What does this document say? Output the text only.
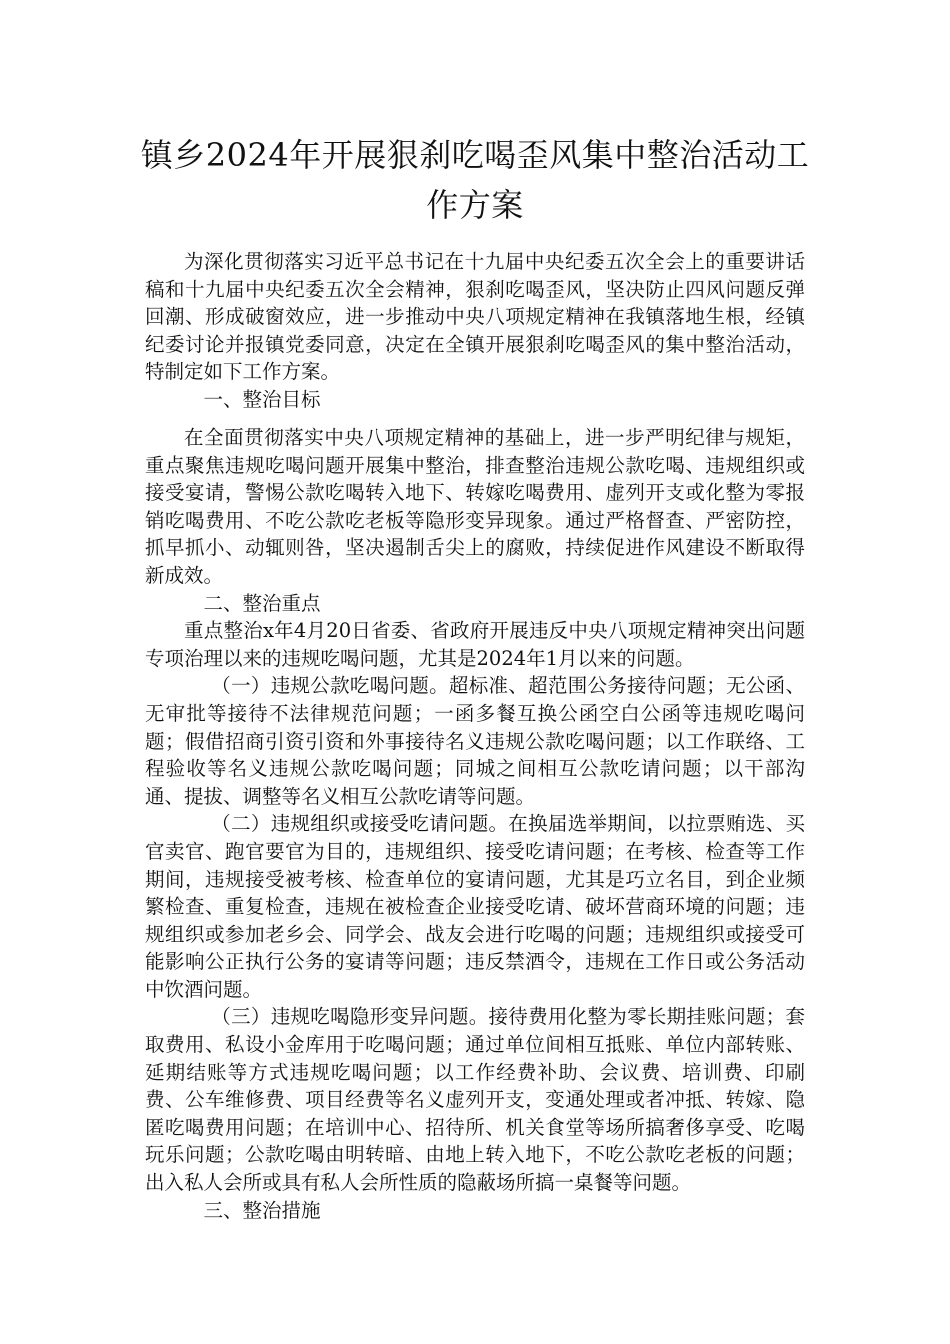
镇乡2024年开展狠刹吃喝歪风集中整治活动工作方案

为深化贯彻落实习近平总书记在十九届中央纪委五次全会上的重要讲话稿和十九届中央纪委五次全会精神，狠刹吃喝歪风，坚决防止四风问题反弹回潮、形成破窗效应，进一步推动中央八项规定精神在我镇落地生根，经镇纪委讨论并报镇党委同意，决定在全镇开展狠刹吃喝歪风的集中整治活动，特制定如下工作方案。

一、整治目标

在全面贯彻落实中央八项规定精神的基础上，进一步严明纪律与规矩，重点聚焦违规吃喝问题开展集中整治，排查整治违规公款吃喝、违规组织或接受宴请，警惕公款吃喝转入地下、转嫁吃喝费用、虚列开支或化整为零报销吃喝费用、不吃公款吃老板等隐形变异现象。通过严格督查、严密防控，抓早抓小、动辄则咎，坚决遏制舌尖上的腐败，持续促进作风建设不断取得新成效。

二、整治重点

重点整治x年4月20日省委、省政府开展违反中央八项规定精神突出问题专项治理以来的违规吃喝问题，尤其是2024年1月以来的问题。

（一）违规公款吃喝问题。超标准、超范围公务接待问题；无公函、无审批等接待不法律规范问题；一函多餐互换公函空白公函等违规吃喝问题；假借招商引资引资和外事接待名义违规公款吃喝问题；以工作联络、工程验收等名义违规公款吃喝问题；同城之间相互公款吃请问题；以干部沟通、提拔、调整等名义相互公款吃请等问题。

（二）违规组织或接受吃请问题。在换届选举期间，以拉票贿选、买官卖官、跑官要官为目的，违规组织、接受吃请问题；在考核、检查等工作期间，违规接受被考核、检查单位的宴请问题，尤其是巧立名目，到企业频繁检查、重复检查，违规在被检查企业接受吃请、破坏营商环境的问题；违规组织或参加老乡会、同学会、战友会进行吃喝的问题；违规组织或接受可能影响公正执行公务的宴请等问题；违反禁酒令，违规在工作日或公务活动中饮酒问题。

（三）违规吃喝隐形变异问题。接待费用化整为零长期挂账问题；套取费用、私设小金库用于吃喝问题；通过单位间相互抵账、单位内部转账、延期结账等方式违规吃喝问题；以工作经费补助、会议费、培训费、印刷费、公车维修费、项目经费等名义虚列开支，变通处理或者冲抵、转嫁、隐匿吃喝费用问题；在培训中心、招待所、机关食堂等场所搞奢侈享受、吃喝玩乐问题；公款吃喝由明转暗、由地上转入地下，不吃公款吃老板的问题；出入私人会所或具有私人会所性质的隐蔽场所搞一桌餐等问题。

三、整治措施
